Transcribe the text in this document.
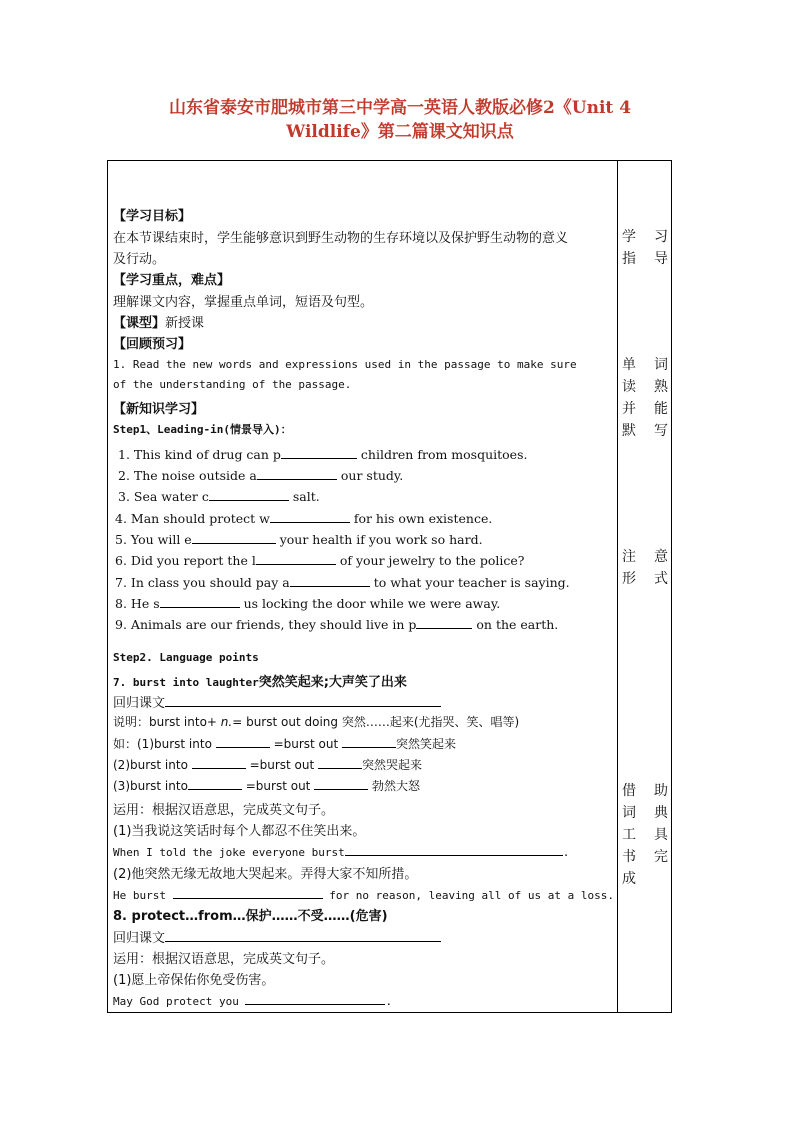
山东省泰安市肥城市第三中学高一英语人教版必修2《Unit 4
Wildlife》第二篇课文知识点
学 习
指 导
单 词
读 熟
并 能
默 写
注 意
形 式
借 助
词 典
工 具
书 完
成
【学习目标】
在本节课结束时，学生能够意识到野生动物的生存环境以及保护野生动物的意义
及行动。
【学习重点，难点】
理解课文内容，掌握重点单词，短语及句型。
【课型】新授课
【回顾预习】
1. Read the new words and expressions used in the passage to make sure
of the understanding of the passage.
【新知识学习】
Step1、Leading-in(情景导入)：
1. This kind of drug can p	children from mosquitoes.
2. The noise outside a	our study.
3. Sea water c	salt.
4. Man should protect w	for his own existence.
5. You will e	your health if you work so hard.
6. Did you report the l	of your jewelry to the police?
7. In class you should pay a	to what your teacher is saying.
8. He s	us locking the door while we were away.
9. Animals are our friends, they should live in p	on the earth.
Step2. Language points
7. burst into laughter突然笑起来;大声笑了出来
回归课文
说明：burst into+ n.= burst out doing 突然……起来(尤指哭、笑、唱等)
如：(1)burst into	=burst out	突然笑起来
(2)burst into	=burst out	突然哭起来
(3)burst into	=burst out	勃然大怒
运用：根据汉语意思，完成英文句子。
(1)当我说这笑话时每个人都忍不住笑出来。
When I told the joke everyone burst	.
(2)他突然无缘无故地大哭起来。弄得大家不知所措。
He burst	for no reason, leaving all of us at a loss.
8. protect…from…保护……不受……(危害)
回归课文
运用：根据汉语意思，完成英文句子。
(1)愿上帝保佑你免受伤害。
May God protect you	.
